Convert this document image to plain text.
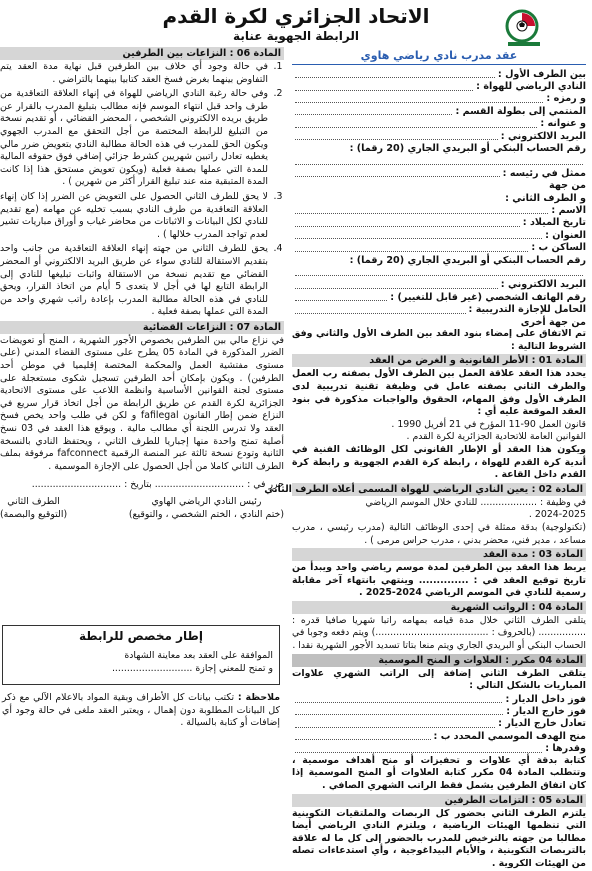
الاتحاد الجزائري لكرة القدم
الرابطة الجهوية عنابة
عقد مدرب نادي رياضي هاوي
بين الطرف الأول :
النادي الرياضي للهواة :
و رمزه :
المنتمي إلى بطولة القسم :
و عنوانه :
البريد الالكتروني :
رقم الحساب البنكي أو البريدي الجاري (20 رقما) :
ممثل في رئيسه :
من جهة
و الطرف الثاني :
الاسم :
تاريخ الميلاد :
العنوان :
الساكن ب :
رقم الحساب البنكي أو البريدي الجاري (20 رقما) :
البريد الالكتروني :
رقم الهاتف الشخصي (غير قابل للتغيير) :
الحامل للإجازة التدريبية :
من جهة أخرى
تم الاتفاق على إمضاء بنود العقد بين الطرف الأول والثاني وفق الشروط التالية :
المادة 01 : الأطر القانونية و الغرض من العقد
يحدد هذا العقد علاقة العمل بين الطرف الأول بصفته رب العمل والطرف الثاني بصفته عامل في وظيفة تقنية تدريبية لدى الطرف الأول وفق المهام، الحقوق والواجبات مذكورة في بنود العقد الموقعة عليه أي :
قانون العمل 90-11 المؤرخ في 21 أفريل 1990 .
القوانين العامة للاتحادية الجزائرية لكرة القدم .
ويكون هذا العقد أو الإطار القانوني لكل الوظائف الفنية في أندية كرة القدم للهواة ، رابطة كرة القدم الجهوية و رابطة كرة القدم داخل القاعة .
المادة 02 : يعين النادي الرياضي للهواة المسمى أعلاه الطرف الثاني
في وظيفة : ................... للنادي خلال الموسم الرياضي
2024-2025 .
(تكنولوجية) بدقة ممثلة في إحدى الوظائف التالية (مدرب رئيسي ، مدرب مساعد ، مدير فني، محضر بدني ، مدرب حراس مرمى ) .
المادة 03 : مدة العقد
يربط هذا العقد بين الطرفين لمدة موسم رياضي واحد ويبدأ من تاريخ توقيع العقد في : .............. وينتهي بانتهاء آخر مقابلة رسمية للنادي في الموسم الرياضي 2024-2025 .
المادة 04 : الرواتب الشهرية
يتلقى الطرف الثاني خلال مدة قيامه بمهامه راتبا شهريا صافيا قدره : ................ (بالحروف : ......................................) ويتم دفعه وجوبا في الحساب البنكي أو البريدي الجاري ويتم منعا بتاتا تسديد الأجور الشهرية نقدا .
المادة 04 مكرر : العلاوات و المنح الموسمية
يتلقى الطرف الثاني إضافة إلى الراتب الشهري علاوات المباريات بالشكل التالي :
فوز داخل الديار :
فوز خارج الديار :
تعادل خارج الديار :
منح الهدف الموسمي المحدد ب :
وقدرها :
كتابة بدقة أي علاوات و تحفيزات أو منح أهداف موسمية ، وتتطلب المادة 04 مكرر كتابة العلاوات أو المنح الموسمية إذا كان اتفاق الطرفين يشمل فقط الراتب الشهري الصافي .
المادة 05 : التزامات الطرفين
يلتزم الطرف الثاني بحضور كل الربصات والملتقيات التكوينية التي تنظمها الهيئات الرياضية ، ويلتزم النادي الرياضي أيضا مطالبا من جهته بالترخيص للمدرب بالحضور إلى كل ما له علاقة بالتربصات التكوينية ، والأيام البيداغوجية ، وأي استدعاءات تصله من الهيئات الكروية .
المادة 06 : النزاعات بين الطرفين
1.
في حالة وجود أي خلاف بين الطرفين قبل نهاية مدة العقد يتم التفاوض بينهما بغرض فسخ العقد كتابيا بينهما بالتراضي .
2.
وفي حالة رغبة النادي الرياضي للهواة في إنهاء العلاقة التعاقدية من طرف واحد قبل انتهاء الموسم فإنه مطالب بتبليغ المدرب بالقرار عن طريق بريده الالكتروني الشخصي ، المحضر القضائي ، أو تقديم نسخة من التبليغ للرابطة المختصة من أجل التحقق مع المدرب الجهوي ويكون الحق للمدرب في هذه الحالة مطالبة النادي بتعويض ضرر مالي يغطيه تعادل راتبين شهريين كشرط جزائي إضافي فوق حقوقه المالية للمدة التي عملها بصفة فعلية (ويكون تعويض مستحق هذا إذا كانت المدة المتبقية منه عند تبليغ القرار أكثر من شهرين ) .
3.
لا يحق للطرف الثاني الحصول على التعويض عن الضرر إذا كان إنهاء العلاقة التعاقدية من طرف النادي بسبب تخليه عن مهامه (مع تقديم للنادي لكل البيانات و الاثباتات من محاضر غياب و أوراق مباريات تشير لعدم تواجد المدرب خلالها ) .
4.
يحق للطرف الثاني من جهته إنهاء العلاقة التعاقدية من جانب واحد بتقديم الاستقالة للنادي سواء عن طريق البريد الالكتروني أو المحضر القضائي مع تقديم نسخة من الاستقالة واثبات تبليغها للنادي إلى الرابطة التابع لها في أجل لا يتعدى 5 أيام من اتخاذ القرار، ويحق للنادي في هذه الحالة مطالبة المدرب بإعادة راتب شهري واحد من المدة التي عملها بصفة فعلية .
المادة 07 : النزاعات القضائية
في نزاع مالي بين الطرفين بخصوص الأجور الشهرية ، المنح أو تعويضات الضرر المذكورة في المادة 05 يطرح على مستوى القضاء المدني (على مستوى مفتشية العمل والمحكمة المختصة إقليميا في موطن أحد الطرفين) . ويكون بإمكان أحد الطرفين تسجيل شكوى مستعجلة على مستوى لجنة القوانين الأساسية وانظمة اللاعب على مستوى الاتحادية الجزائرية لكرة القدم عن طريق الرابطة من أجل اتخاذ قرار سريع في النزاع ضمن إطار القانون fafilegal و لكن في طلب واحد يخص فسخ العقد ولا تدرس اللجنة أي مطالب مالية . ويوقع هذا العقد في 03 نسخ أصلية تمنح واحدة منها إجباريا للطرف الثاني ، ويحتفظ النادي بالنسخة الثانية وتودع نسخة ثالثة عبر المنصة الرقمية fafconnect مرفوقة بملف الطرف الثاني كاملا من أجل الحصول على الإجازة الموسمية .
حرر في : .............................. بتاريخ : ..............................
رئيس النادي الرياضي الهاوي
(ختم النادي ، الختم الشخصي ، والتوقيع)
الطرف الثاني
(التوقيع والبصمة)
إطار مخصص للرابطة
الموافقة على العقد بعد معاينة الشهادة
و تمنح للمعني إجازة ...........................
ملاحظة : تكتب بيانات كل الأطراف وبقية المواد بالاعلام الآلي مع ذكر كل البيانات المطلوبة دون إهمال ، ويعتبر العقد ملغى في حالة وجود أي إضافات أو كتابة بالسيالة .
